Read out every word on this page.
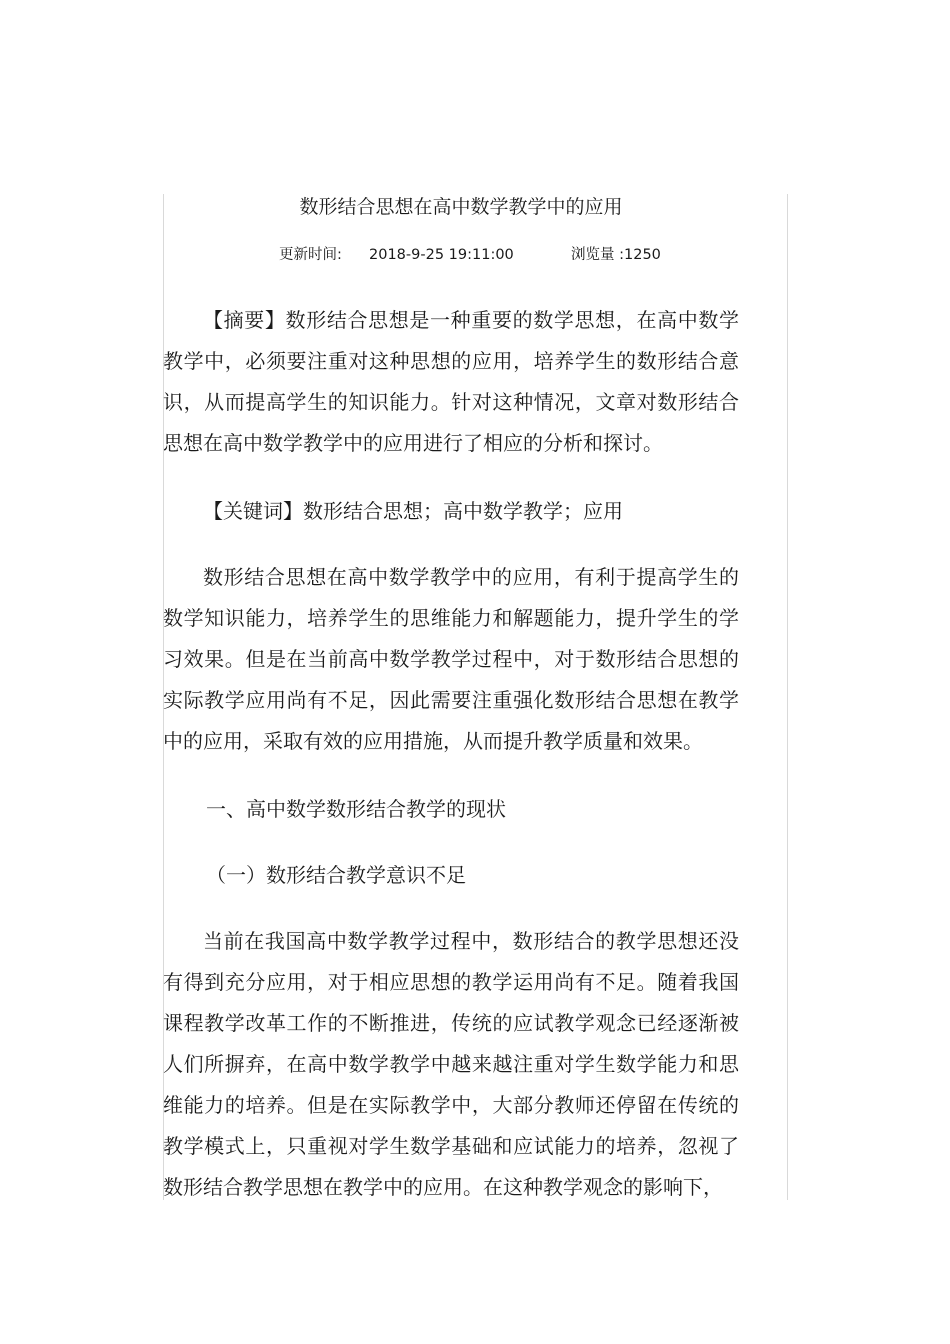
数形结合思想在高中数学教学中的应用
更新时间: 2018-9-25 19:11:00	浏览量 :1250

【摘要】数形结合思想是一种重要的数学思想，在高中数学教学中，必须要注重对这种思想的应用，培养学生的数形结合意识，从而提高学生的知识能力。针对这种情况，文章对数形结合思想在高中数学教学中的应用进行了相应的分析和探讨。

【关键词】数形结合思想；高中数学教学；应用

数形结合思想在高中数学教学中的应用，有利于提高学生的数学知识能力，培养学生的思维能力和解题能力，提升学生的学习效果。但是在当前高中数学教学过程中，对于数形结合思想的实际教学应用尚有不足，因此需要注重强化数形结合思想在教学中的应用，采取有效的应用措施，从而提升教学质量和效果。

一、高中数学数形结合教学的现状
（一）数形结合教学意识不足

当前在我国高中数学教学过程中，数形结合的教学思想还没有得到充分应用，对于相应思想的教学运用尚有不足。随着我国课程教学改革工作的不断推进，传统的应试教学观念已经逐渐被人们所摒弃，在高中数学教学中越来越注重对学生数学能力和思维能力的培养。但是在实际教学中，大部分教师还停留在传统的教学模式上，只重视对学生数学基础和应试能力的培养，忽视了数形结合教学思想在教学中的应用。在这种教学观念的影响下，
